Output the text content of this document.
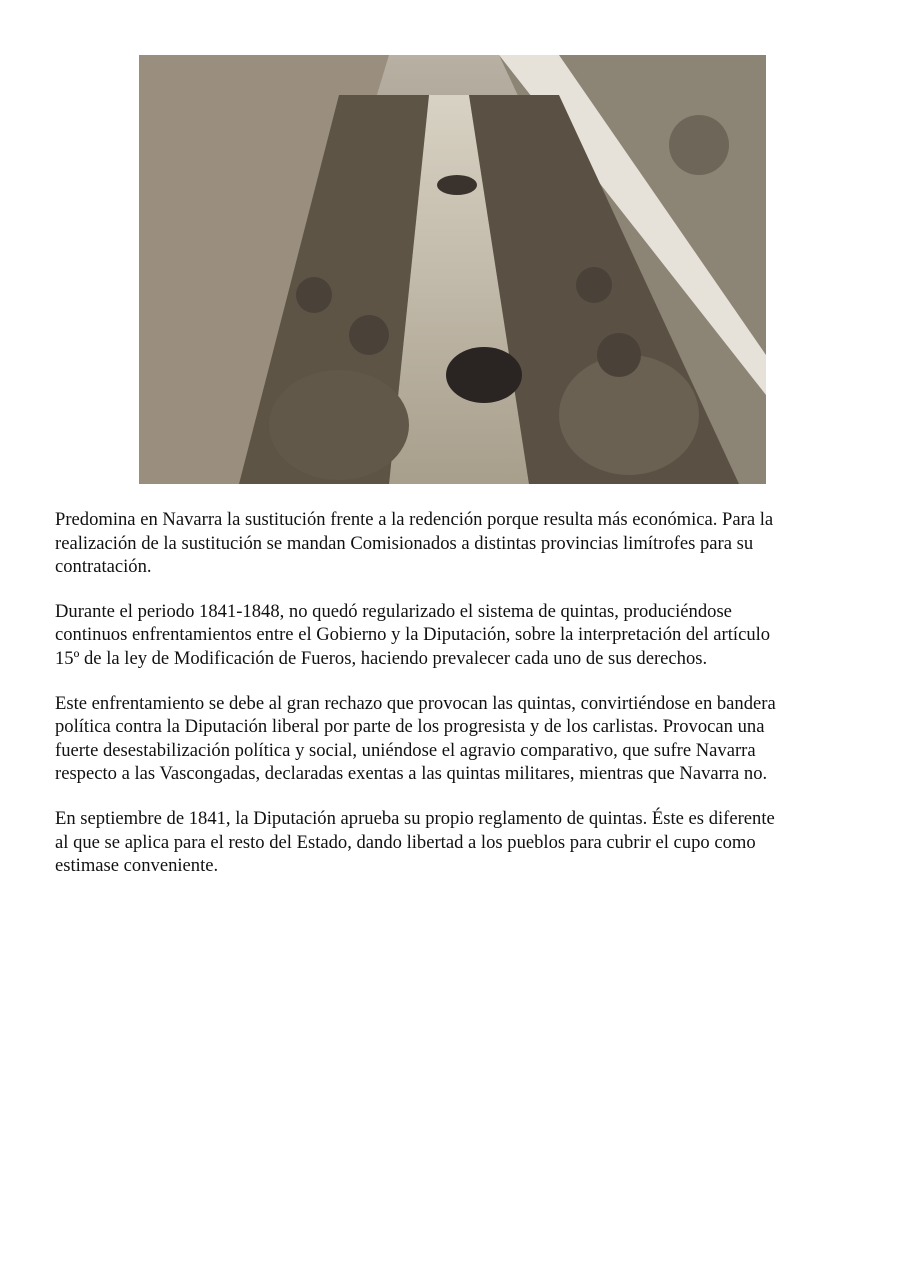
Predomina en Navarra la sustitución frente a la redención porque resulta más económica. Para la
realización de la sustitución se mandan Comisionados a distintas provincias limítrofes para su
contratación.

Durante el periodo 1841-1848, no quedó regularizado el sistema de quintas, produciéndose
continuos enfrentamientos entre el Gobierno y la Diputación, sobre la interpretación del artículo
15º de la ley de Modificación de Fueros, haciendo prevalecer cada uno de sus derechos.

Este enfrentamiento se debe al gran rechazo que provocan las quintas, convirtiéndose en bandera
política contra la Diputación liberal por parte de los progresista y de los carlistas. Provocan una
fuerte desestabilización política y social, uniéndose el agravio comparativo, que sufre Navarra
respecto a las Vascongadas, declaradas exentas a las quintas militares, mientras que Navarra no.

En septiembre de 1841, la Diputación aprueba su propio reglamento de quintas. Éste es diferente
al que se aplica para el resto del Estado, dando libertad a los pueblos para cubrir el cupo como
estimase conveniente.
